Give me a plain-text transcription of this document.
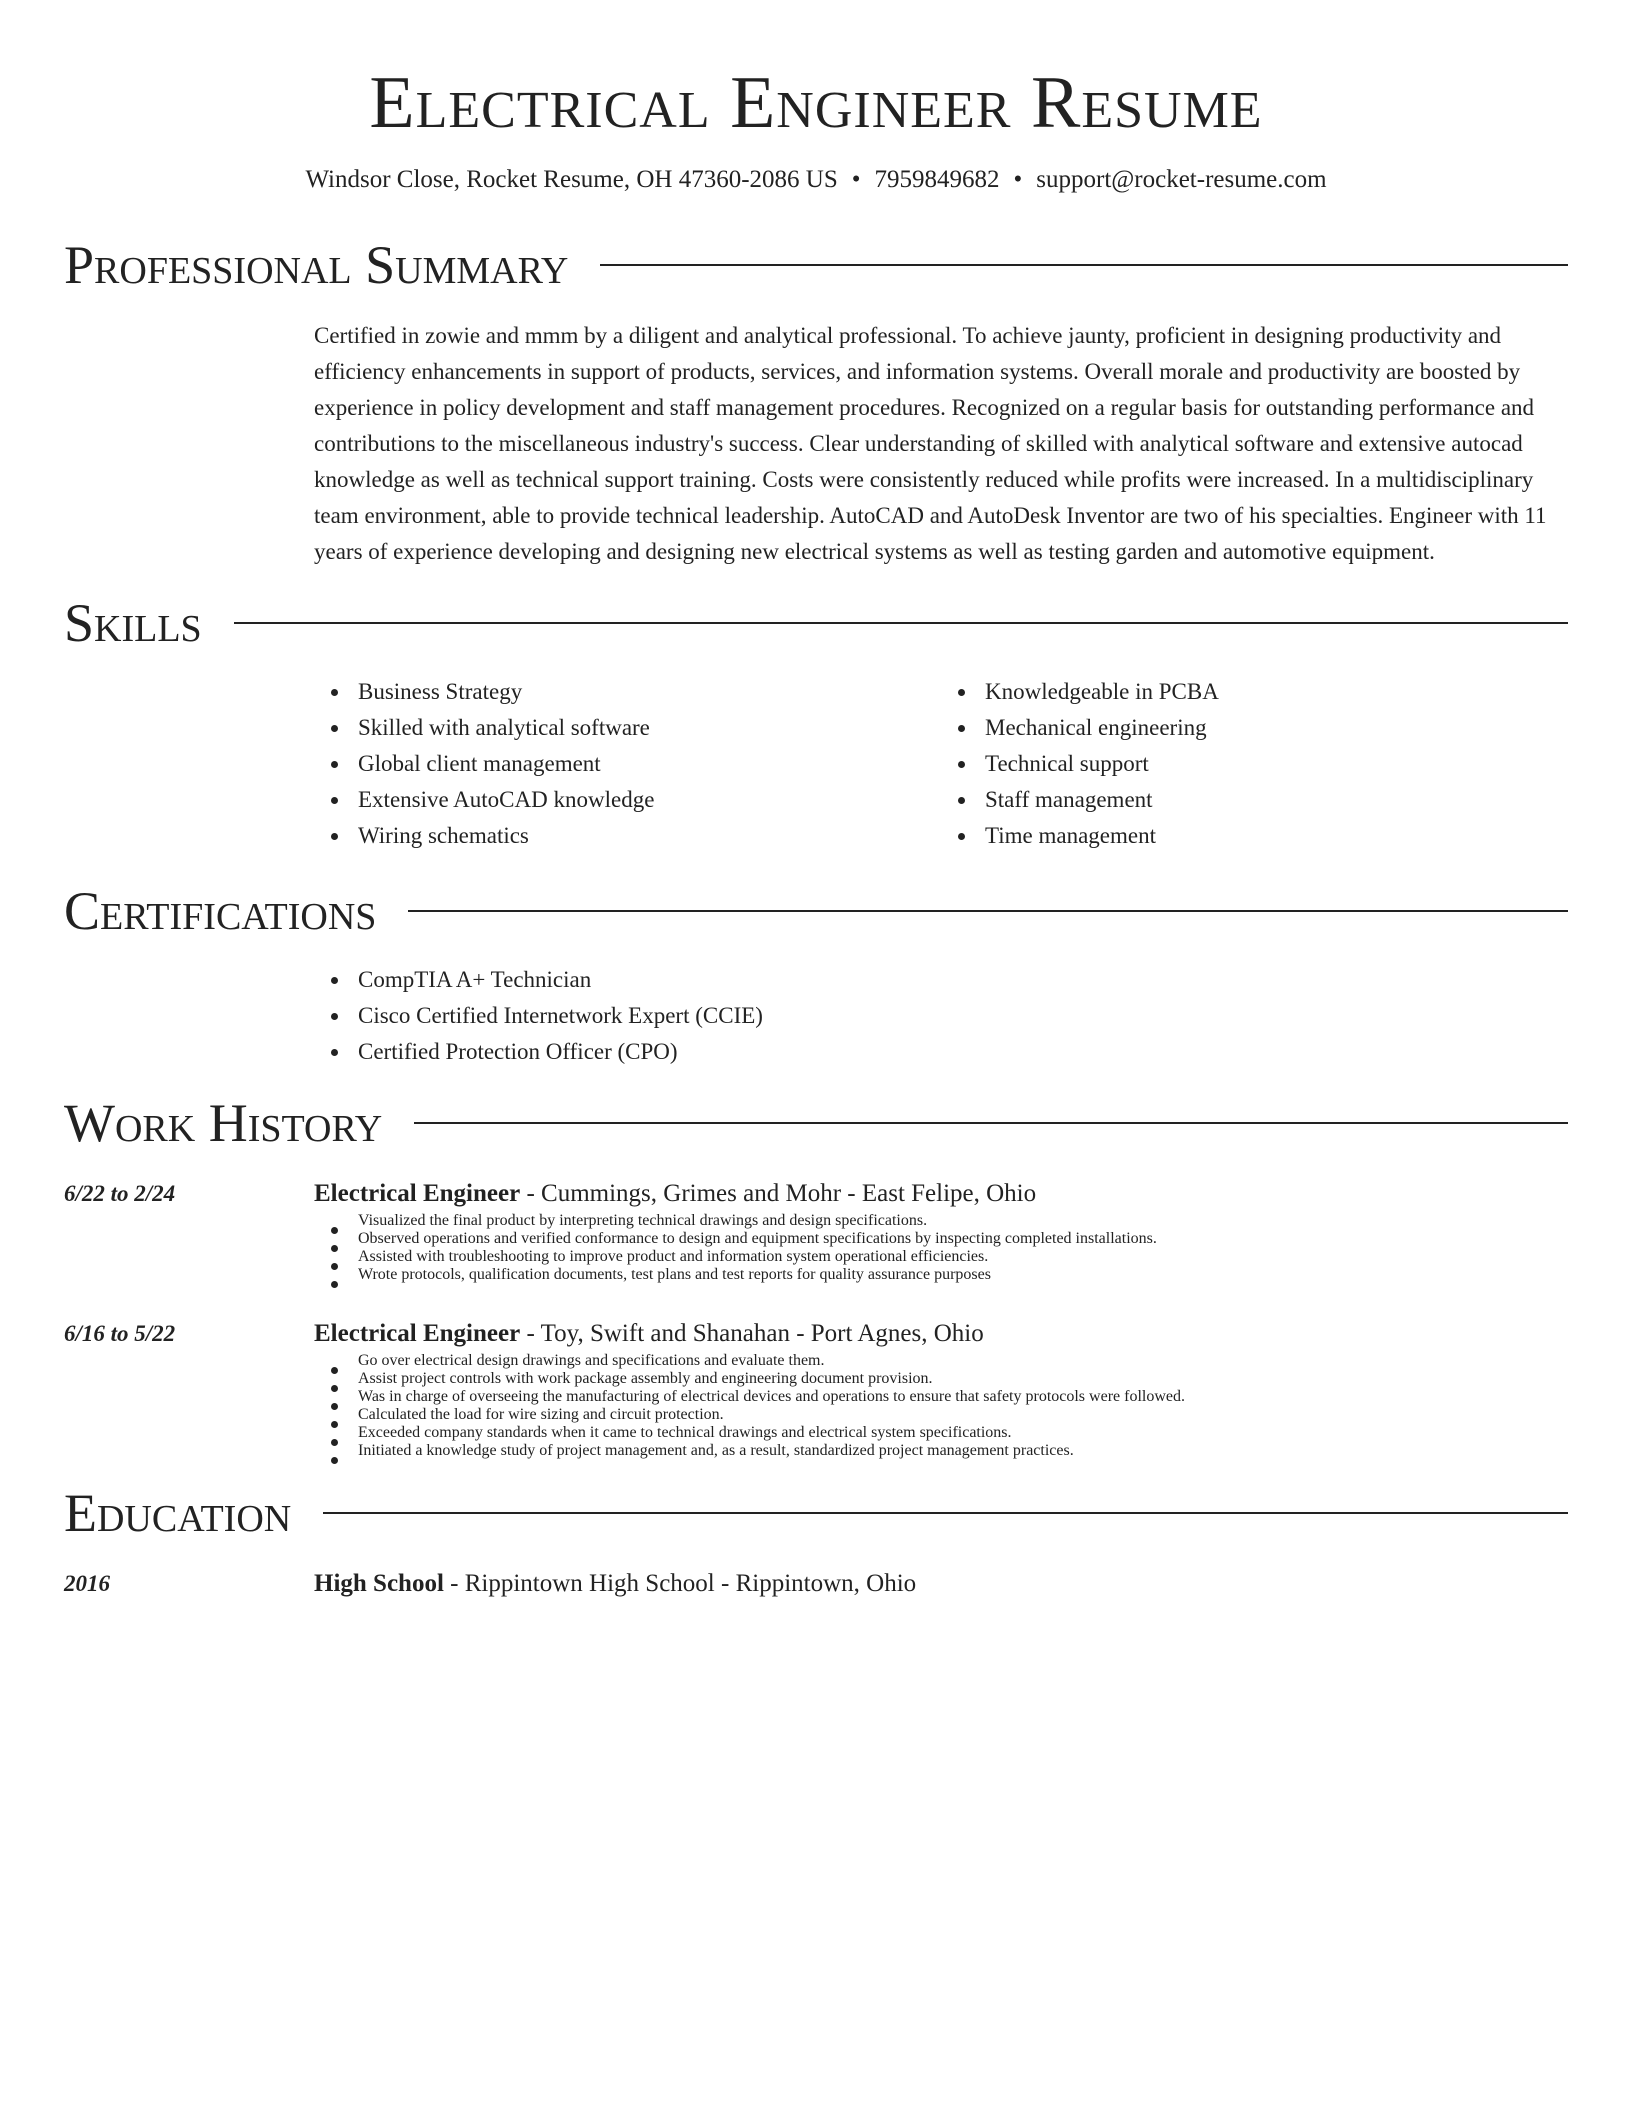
Electrical Engineer Resume
Windsor Close, Rocket Resume, OH 47360-2086 US • 7959849682 • support@rocket-resume.com
Professional Summary
Certified in zowie and mmm by a diligent and analytical professional. To achieve jaunty, proficient in designing productivity and efficiency enhancements in support of products, services, and information systems. Overall morale and productivity are boosted by experience in policy development and staff management procedures. Recognized on a regular basis for outstanding performance and contributions to the miscellaneous industry's success. Clear understanding of skilled with analytical software and extensive autocad knowledge as well as technical support training. Costs were consistently reduced while profits were increased. In a multidisciplinary team environment, able to provide technical leadership. AutoCAD and AutoDesk Inventor are two of his specialties. Engineer with 11 years of experience developing and designing new electrical systems as well as testing garden and automotive equipment.
Skills
Business Strategy
Skilled with analytical software
Global client management
Extensive AutoCAD knowledge
Wiring schematics
Knowledgeable in PCBA
Mechanical engineering
Technical support
Staff management
Time management
Certifications
CompTIA A+ Technician
Cisco Certified Internetwork Expert (CCIE)
Certified Protection Officer (CPO)
Work History
6/22 to 2/24	Electrical Engineer - Cummings, Grimes and Mohr - East Felipe, Ohio
Visualized the final product by interpreting technical drawings and design specifications.
Observed operations and verified conformance to design and equipment specifications by inspecting completed installations.
Assisted with troubleshooting to improve product and information system operational efficiencies.
Wrote protocols, qualification documents, test plans and test reports for quality assurance purposes
6/16 to 5/22	Electrical Engineer - Toy, Swift and Shanahan - Port Agnes, Ohio
Go over electrical design drawings and specifications and evaluate them.
Assist project controls with work package assembly and engineering document provision.
Was in charge of overseeing the manufacturing of electrical devices and operations to ensure that safety protocols were followed.
Calculated the load for wire sizing and circuit protection.
Exceeded company standards when it came to technical drawings and electrical system specifications.
Initiated a knowledge study of project management and, as a result, standardized project management practices.
Education
2016	High School - Rippintown High School - Rippintown, Ohio
